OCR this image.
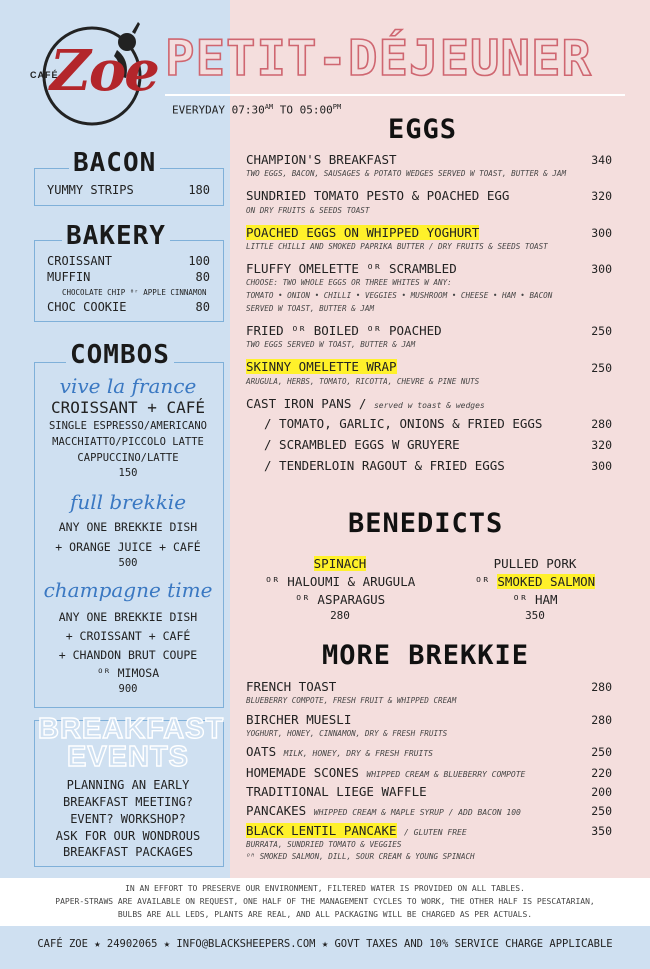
CAFÉ
Zoe PETIT-DÉJEUNER
EVERYDAY $07:30^{AM}$ TO $05:00^{PM}$
BACON
YUMMY STRIPS	180
BAKERY
CROISSANT	100
MUFFIN	80
CHOCOLATE CHIP ⁰ʳ APPLE CINNAMON
CHOC COOKIE	80
COMBOS
vive la france
CROISSANT + CAFÉ
SINGLE ESPRESSO/AMERICANO
MACCHIATTO/PICCOLO LATTE
CAPPUCCINO/LATTE
150
full brekkie
ANY ONE BREKKIE DISH
+ ORANGE JUICE + CAFÉ
500
champagne time
ANY ONE BREKKIE DISH
+ CROISSANT + CAFÉ
+ CHANDON BRUT COUPE
ᴼᴿ MIMOSA
900
BREAKFAST
EVENTS
PLANNING AN EARLY
BREAKFAST MEETING?
EVENT? WORKSHOP?
ASK FOR OUR WONDROUS
BREAKFAST PACKAGES
EGGS
CHAMPION'S BREAKFAST	340
TWO EGGS, BACON, SAUSAGES & POTATO WEDGES SERVED W TOAST, BUTTER & JAM
SUNDRIED TOMATO PESTO & POACHED EGG	320
ON DRY FRUITS & SEEDS TOAST
POACHED EGGS ON WHIPPED YOGHURT	300
LITTLE CHILLI AND SMOKED PAPRIKA BUTTER / DRY FRUITS & SEEDS TOAST
FLUFFY OMELETTE ᴼᴿ SCRAMBLED	300
CHOOSE: TWO WHOLE EGGS OR THREE WHITES W ANY:
TOMATO • ONION • CHILLI • VEGGIES • MUSHROOM • CHEESE • HAM • BACON
SERVED W TOAST, BUTTER & JAM
FRIED ᴼᴿ BOILED ᴼᴿ POACHED	250
TWO EGGS SERVED W TOAST, BUTTER & JAM
SKINNY OMELETTE WRAP	250
ARUGULA, HERBS, TOMATO, RICOTTA, CHEVRE & PINE NUTS
CAST IRON PANS / served w toast & wedges
/ TOMATO, GARLIC, ONIONS & FRIED EGGS	280
/ SCRAMBLED EGGS W GRUYERE	320
/ TENDERLOIN RAGOUT & FRIED EGGS	300
BENEDICTS
SPINACH
ᴼᴿ HALOUMI & ARUGULA
ᴼᴿ ASPARAGUS
280
PULLED PORK
ᴼᴿ SMOKED SALMON
ᴼᴿ HAM
350
MORE BREKKIE
FRENCH TOAST	280
BLUEBERRY COMPOTE, FRESH FRUIT & WHIPPED CREAM
BIRCHER MUESLI	280
YOGHURT, HONEY, CINNAMON, DRY & FRESH FRUITS
OATS MILK, HONEY, DRY & FRESH FRUITS	250
HOMEMADE SCONES WHIPPED CREAM & BLUEBERRY COMPOTE	220
TRADITIONAL LIEGE WAFFLE	200
PANCAKES WHIPPED CREAM & MAPLE SYRUP / ADD BACON 100	250
BLACK LENTIL PANCAKE / GLUTEN FREE	350
BURRATA, SUNDRIED TOMATO & VEGGIES
ᴼᴿ SMOKED SALMON, DILL, SOUR CREAM & YOUNG SPINACH
IN AN EFFORT TO PRESERVE OUR ENVIRONMENT, FILTERED WATER IS PROVIDED ON ALL TABLES.
PAPER-STRAWS ARE AVAILABLE ON REQUEST, ONE HALF OF THE MANAGEMENT CYCLES TO WORK, THE OTHER HALF IS PESCATARIAN,
BULBS ARE ALL LEDS, PLANTS ARE REAL, AND ALL PACKAGING WILL BE CHARGED AS PER ACTUALS.
CAFÉ ZOE ★ 24902065 ★ INFO@BLACKSHEEPERS.COM ★ GOVT TAXES AND 10% SERVICE CHARGE APPLICABLE
